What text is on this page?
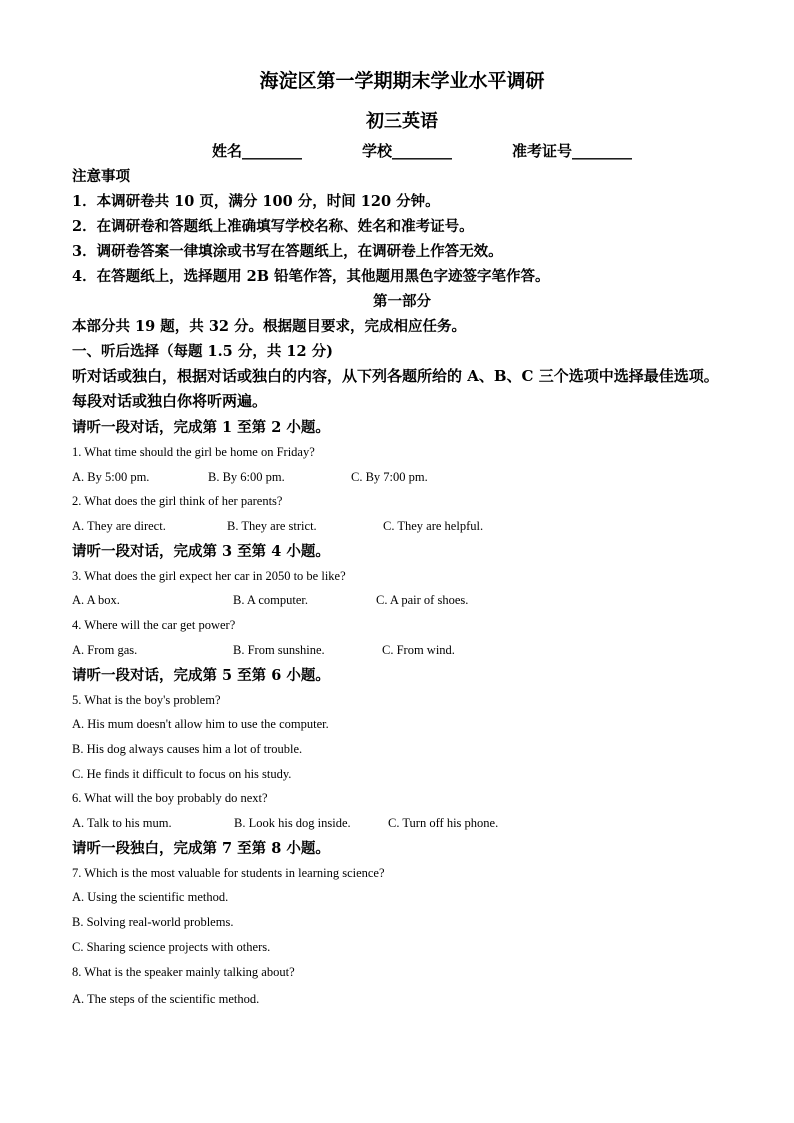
海淀区第一学期期末学业水平调研

初三英语

姓名________	学校________	准考证号________

注意事项

1．本调研卷共 10 页，满分 100 分，时间 120 分钟。

2．在调研卷和答题纸上准确填写学校名称、姓名和准考证号。

3．调研卷答案一律填涂或书写在答题纸上，在调研卷上作答无效。

4．在答题纸上，选择题用 2B 铅笔作答，其他题用黑色字迹签字笔作答。

第一部分

本部分共 19 题，共 32 分。根据题目要求，完成相应任务。

一、听后选择（每题 1.5 分，共 12 分)

听对话或独白，根据对话或独白的内容，从下列各题所给的 A、B、C 三个选项中选择最佳选项。每段对话或独白你将听两遍。

请听一段对话，完成第 1 至第 2 小题。

1. What time should the girl be home on Friday?

A. By 5:00 pm.	B. By 6:00 pm.	C. By 7:00 pm.

2. What does the girl think of her parents?

A. They are direct.	B. They are strict.	C. They are helpful.

请听一段对话，完成第 3 至第 4 小题。

3. What does the girl expect her car in 2050 to be like?

A. A box.	B. A computer.	C. A pair of shoes.

4. Where will the car get power?

A. From gas.	B. From sunshine.	C. From wind.

请听一段对话，完成第 5 至第 6 小题。

5. What is the boy's problem?

A. His mum doesn't allow him to use the computer.

B. His dog always causes him a lot of trouble.

C. He finds it difficult to focus on his study.

6. What will the boy probably do next?

A. Talk to his mum.	B. Look his dog inside.	C. Turn off his phone.

请听一段独白，完成第 7 至第 8 小题。

7. Which is the most valuable for students in learning science?

A. Using the scientific method.

B. Solving real-world problems.

C. Sharing science projects with others.

8. What is the speaker mainly talking about?

A. The steps of the scientific method.
